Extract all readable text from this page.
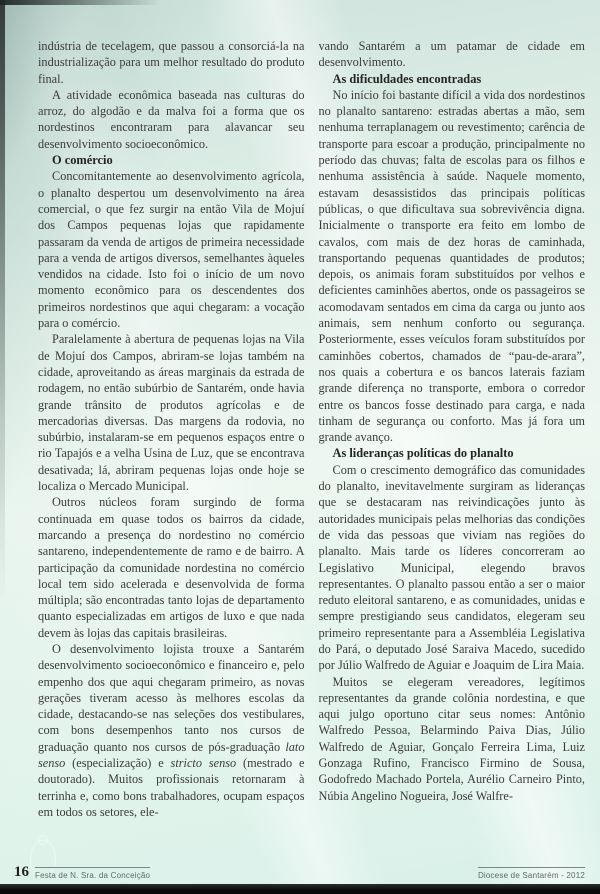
indústria de tecelagem, que passou a consorciá-la na industrialização para um melhor resultado do produto final.

A atividade econômica baseada nas culturas do arroz, do algodão e da malva foi a forma que os nordestinos encontraram para alavancar seu desenvolvimento socioeconômico.

O comércio

Concomitantemente ao desenvolvimento agrícola, o planalto despertou um desenvolvimento na área comercial, o que fez surgir na então Vila de Mojuí dos Campos pequenas lojas que rapidamente passaram da venda de artigos de primeira necessidade para a venda de artigos diversos, semelhantes àqueles vendidos na cidade. Isto foi o início de um novo momento econômico para os descendentes dos primeiros nordestinos que aqui chegaram: a vocação para o comércio.

Paralelamente à abertura de pequenas lojas na Vila de Mojuí dos Campos, abriram-se lojas também na cidade, aproveitando as áreas marginais da estrada de rodagem, no então subúrbio de Santarém, onde havia grande trânsito de produtos agrícolas e de mercadorias diversas. Das margens da rodovia, no subúrbio, instalaram-se em pequenos espaços entre o rio Tapajós e a velha Usina de Luz, que se encontrava desativada; lá, abriram pequenas lojas onde hoje se localiza o Mercado Municipal.

Outros núcleos foram surgindo de forma continuada em quase todos os bairros da cidade, marcando a presença do nordestino no comércio santareno, independentemente de ramo e de bairro. A participação da comunidade nordestina no comércio local tem sido acelerada e desenvolvida de forma múltipla; são encontradas tanto lojas de departamento quanto especializadas em artigos de luxo e que nada devem às lojas das capitais brasileiras.

O desenvolvimento lojista trouxe a Santarém desenvolvimento socioeconômico e financeiro e, pelo empenho dos que aqui chegaram primeiro, as novas gerações tiveram acesso às melhores escolas da cidade, destacando-se nas seleções dos vestibulares, com bons desempenhos tanto nos cursos de graduação quanto nos cursos de pós-graduação lato senso (especialização) e stricto senso (mestrado e doutorado). Muitos profissionais retornaram à terrinha e, como bons trabalhadores, ocupam espaços em todos os setores, ele-

vando Santarém a um patamar de cidade em desenvolvimento.

As dificuldades encontradas

No início foi bastante difícil a vida dos nordestinos no planalto santareno: estradas abertas a mão, sem nenhuma terraplanagem ou revestimento; carência de transporte para escoar a produção, principalmente no período das chuvas; falta de escolas para os filhos e nenhuma assistência à saúde. Naquele momento, estavam desassistidos das principais políticas públicas, o que dificultava sua sobrevivência digna. Inicialmente o transporte era feito em lombo de cavalos, com mais de dez horas de caminhada, transportando pequenas quantidades de produtos; depois, os animais foram substituídos por velhos e deficientes caminhões abertos, onde os passageiros se acomodavam sentados em cima da carga ou junto aos animais, sem nenhum conforto ou segurança. Posteriormente, esses veículos foram substituídos por caminhões cobertos, chamados de “pau-de-arara”, nos quais a cobertura e os bancos laterais faziam grande diferença no transporte, embora o corredor entre os bancos fosse destinado para carga, e nada tinham de segurança ou conforto. Mas já fora um grande avanço.

As lideranças políticas do planalto

Com o crescimento demográfico das comunidades do planalto, inevitavelmente surgiram as lideranças que se destacaram nas reivindicações junto às autoridades municipais pelas melhorias das condições de vida das pessoas que viviam nas regiões do planalto. Mais tarde os líderes concorreram ao Legislativo Municipal, elegendo bravos representantes. O planalto passou então a ser o maior reduto eleitoral santareno, e as comunidades, unidas e sempre prestigiando seus candidatos, elegeram seu primeiro representante para a Assembléia Legislativa do Pará, o deputado José Saraiva Macedo, sucedido por Júlio Walfredo de Aguiar e Joaquim de Lira Maia.

Muitos se elegeram vereadores, legítimos representantes da grande colônia nordestina, e que aqui julgo oportuno citar seus nomes: Antônio Walfredo Pessoa, Belarmindo Paiva Dias, Júlio Walfredo de Aguiar, Gonçalo Ferreira Lima, Luiz Gonzaga Rufino, Francisco Firmino de Sousa, Godofredo Machado Portela, Aurélio Carneiro Pinto, Núbia Angelino Nogueira, José Walfre-

16 Festa de N. Sra. da Conceição	Diocese de Santarém - 2012
